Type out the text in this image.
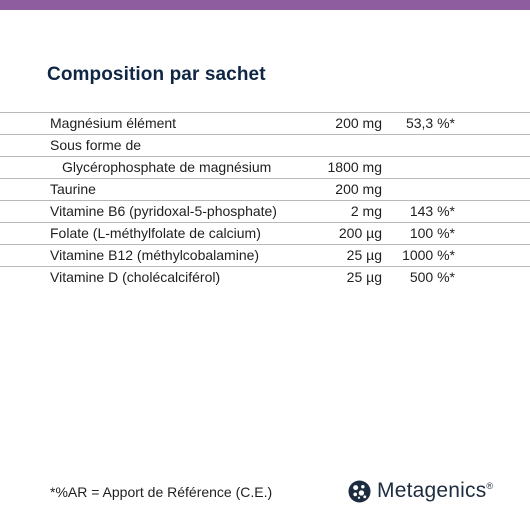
Composition par sachet
Magnésium élément	200 mg 53,3 %*
Sous forme de
Glycérophosphate de magnésium	1800 mg
Taurine	200 mg
Vitamine B6 (pyridoxal-5-phosphate)	2 mg 143 %*
Folate (L-méthylfolate de calcium)	200 µg 100 %*
Vitamine B12 (méthylcobalamine)	25 µg 1000 %*
Vitamine D (cholécalciférol)	25 µg 500 %*
*%AR = Apport de Référence (C.E.)	Metagenics®
